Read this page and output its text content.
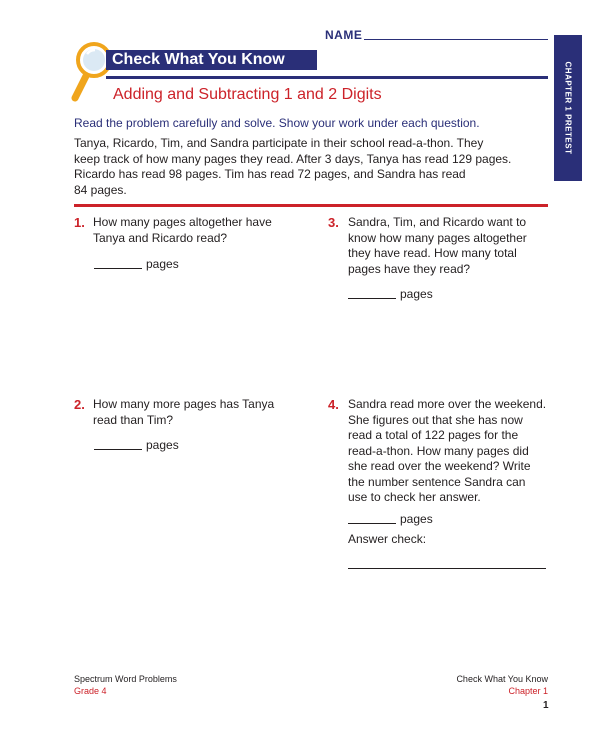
NAME
CHAPTER 1 PRETEST
Check What You Know
Adding and Subtracting 1 and 2 Digits
Read the problem carefully and solve. Show your work under each question.
Tanya, Ricardo, Tim, and Sandra participate in their school read-a-thon. They
keep track of how many pages they read. After 3 days, Tanya has read 129 pages.
Ricardo has read 98 pages. Tim has read 72 pages, and Sandra has read
84 pages.
1. How many pages altogether have
Tanya and Ricardo read?
pages
2. How many more pages has Tanya
read than Tim?
pages
3. Sandra, Tim, and Ricardo want to
know how many pages altogether
they have read. How many total
pages have they read?
pages
4. Sandra read more over the weekend.
She figures out that she has now
read a total of 122 pages for the
read-a-thon. How many pages did
she read over the weekend? Write
the number sentence Sandra can
use to check her answer.
pages
Answer check:
Spectrum Word Problems
Grade 4
Check What You Know
Chapter 1
1
